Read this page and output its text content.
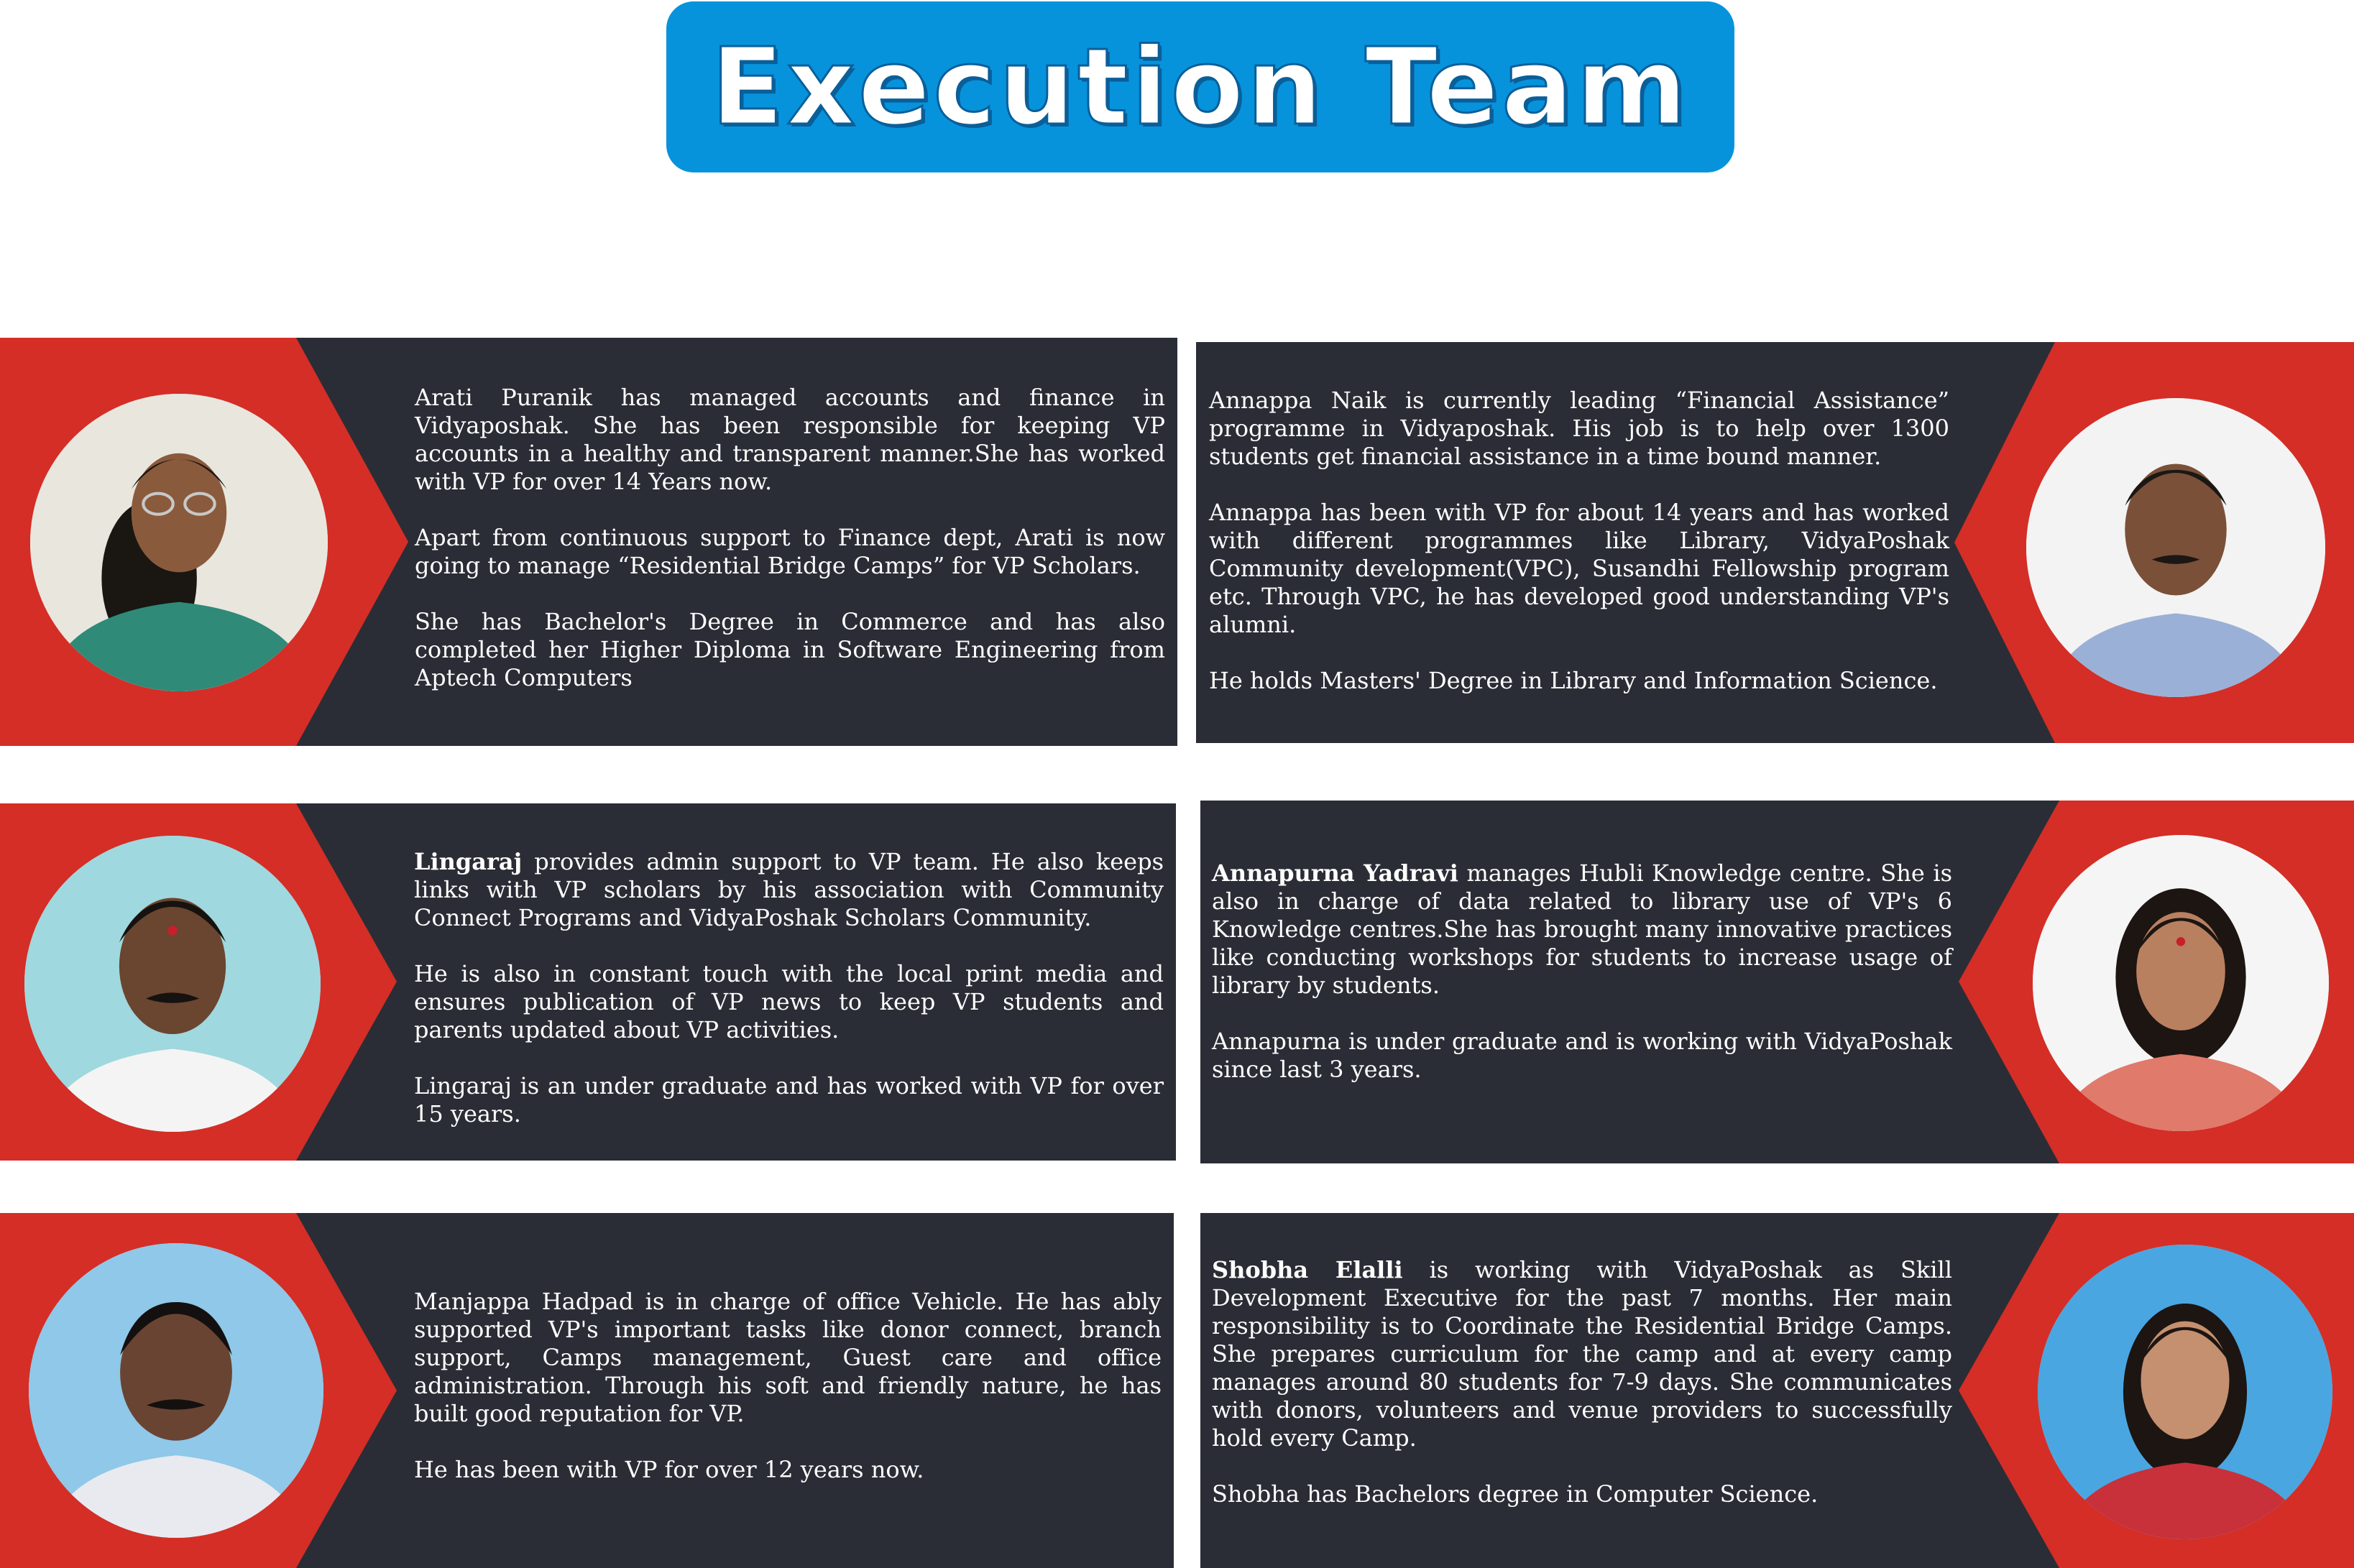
Execution Team

Arati Puranik has managed accounts and finance in Vidyaposhak. She has been responsible for keeping VP accounts in a healthy and transparent manner.She has worked with VP for over 14 Years now.

Apart from continuous support to Finance dept, Arati is now going to manage “Residential Bridge Camps” for VP Scholars.

She has Bachelor's Degree in Commerce and has also completed her Higher Diploma in Software Engineering from Aptech Computers

Annappa Naik is currently leading “Financial Assistance” programme in Vidyaposhak. His job is to help over 1300 students get financial assistance in a time bound manner.

Annappa has been with VP for about 14 years and has worked with different programmes like Library, VidyaPoshak Community development(VPC), Susandhi Fellowship program etc. Through VPC, he has developed good understanding VP's alumni.

He holds Masters' Degree in Library and Information Science.

Lingaraj provides admin support to VP team. He also keeps links with VP scholars by his association with Community Connect Programs and VidyaPoshak Scholars Community.

He is also in constant touch with the local print media and ensures publication of VP news to keep VP students and parents updated about VP activities.

Lingaraj is an under graduate and has worked with VP for over 15 years.

Annapurna Yadravi manages Hubli Knowledge centre. She is also in charge of data related to library use of VP's 6 Knowledge centres.She has brought many innovative practices like conducting workshops for students to increase usage of library by students.

Annapurna is under graduate and is working with VidyaPoshak since last 3 years.

Manjappa Hadpad is in charge of office Vehicle. He has ably supported VP's important tasks like donor connect, branch support, Camps management, Guest care and office administration. Through his soft and friendly nature, he has built good reputation for VP.

He has been with VP for over 12 years now.

Shobha Elalli is working with VidyaPoshak as Skill Development Executive for the past 7 months. Her main responsibility is to Coordinate the Residential Bridge Camps. She prepares curriculum for the camp and at every camp manages around 80 students for 7-9 days. She communicates with donors, volunteers and venue providers to successfully hold every Camp.

Shobha has Bachelors degree in Computer Science.
